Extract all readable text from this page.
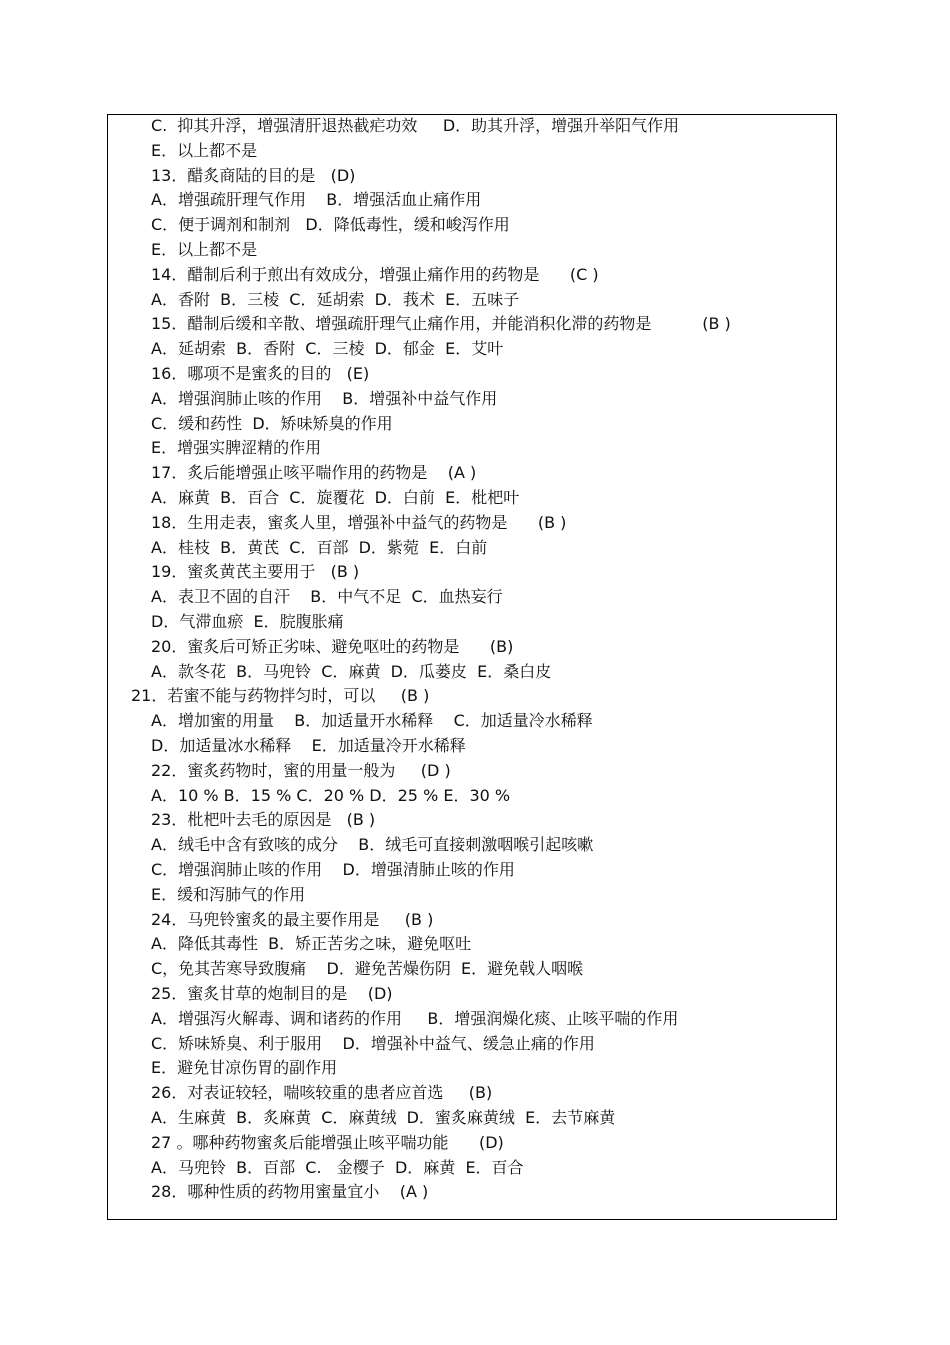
C.  抑其升浮，增强清肝退热截疟功效     D．助其升浮，增强升举阳气作用
E．以上都不是
13．醋炙商陆的目的是   (D)
A．增强疏肝理气作用    B．增强活血止痛作用
C．便于调剂和制剂   D．降低毒性，缓和峻泻作用
E．以上都不是
14．醋制后利于煎出有效成分，增强止痛作用的药物是      (C )
A．香附  B．三棱  C．延胡索  D．莪术  E．五味子
15．醋制后缓和辛散、增强疏肝理气止痛作用，并能消积化滞的药物是          (B )
A．延胡索  B．香附  C．三棱  D．郁金  E．艾叶
16．哪项不是蜜炙的目的   (E)
A．增强润肺止咳的作用    B．增强补中益气作用
C．缓和药性  D．矫味矫臭的作用
E．增强实脾涩精的作用
17．炙后能增强止咳平喘作用的药物是    (A )
A．麻黄  B．百合  C．旋覆花  D．白前  E．枇杷叶
18．生用走表，蜜炙人里，增强补中益气的药物是      (B )
A．桂枝  B．黄芪  C．百部  D．紫菀  E．白前
19．蜜炙黄芪主要用于   (B )
A．表卫不固的自汗    B．中气不足  C．血热妄行
D．气滞血瘀  E．脘腹胀痛
20．蜜炙后可矫正劣味、避免呕吐的药物是      (B)
A．款冬花  B．马兜铃  C．麻黄  D．瓜蒌皮  E．桑白皮
21．若蜜不能与药物拌匀时，可以     (B )
A．增加蜜的用量    B．加适量开水稀释    C．加适量冷水稀释
D．加适量冰水稀释    E．加适量冷开水稀释
22．蜜炙药物时，蜜的用量一般为     (D )
A．10 % B．15 % C．20 % D．25 % E．30 %
23．枇杷叶去毛的原因是   (B )
A．绒毛中含有致咳的成分    B．绒毛可直接刺激咽喉引起咳嗽
C．增强润肺止咳的作用    D．增强清肺止咳的作用
E．缓和泻肺气的作用
24．马兜铃蜜炙的最主要作用是     (B )
A．降低其毒性  B．矫正苦劣之味，避免呕吐
C，免其苦寒导致腹痛    D．避免苦燥伤阴  E．避免戟人咽喉
25．蜜炙甘草的炮制目的是    (D)
A．增强泻火解毒、调和诸药的作用     B．增强润燥化痰、止咳平喘的作用
C．矫味矫臭、利于服用    D．增强补中益气、缓急止痛的作用
E．避免甘凉伤胃的副作用
26．对表证较轻，喘咳较重的患者应首选     (B)
A．生麻黄  B．炙麻黄  C．麻黄绒  D．蜜炙麻黄绒  E．去节麻黄
27 。哪种药物蜜炙后能增强止咳平喘功能      (D)
A．马兜铃  B．百部  C.   金樱子  D．麻黄  E．百合
28．哪种性质的药物用蜜量宜小    (A )
